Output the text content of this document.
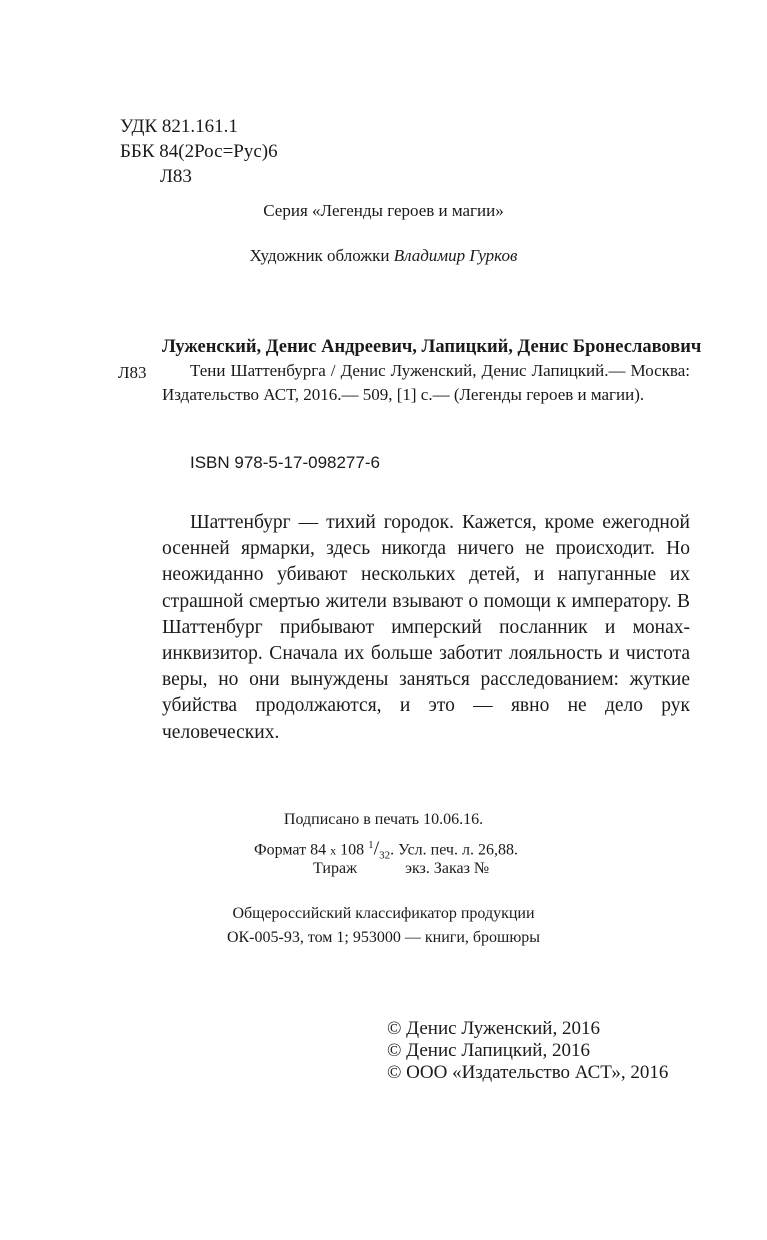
УДК 821.161.1
ББК 84(2Рос=Рус)6
Л83
Серия «Легенды героев и магии»
Художник обложки Владимир Гурков
Луженский, Денис Андреевич, Лапицкий, Денис Бронеславович
Л83	Тени Шаттенбурга / Денис Луженский, Денис Лапицкий.— Москва: Издательство АСТ, 2016.— 509, [1] с.— (Легенды героев и магии).
ISBN 978-5-17-098277-6
Шаттенбург — тихий городок. Кажется, кроме ежегодной осенней ярмарки, здесь никогда ничего не происходит. Но неожиданно убивают нескольких детей, и напуганные их страшной смертью жители взывают о помощи к императору. В Шаттенбург прибывают имперский посланник и монах-инквизитор. Сначала их больше заботит лояльность и чистота веры, но они вынуждены заняться расследованием: жуткие убийства продолжаются, и это — явно не дело рук человеческих.
Подписано в печать 10.06.16.
Формат 84 x 108 $^1/_{32}$. Усл. печ. л. 26,88.
Тираж	экз. Заказ №
Общероссийский классификатор продукции
ОК-005-93, том 1; 953000 — книги, брошюры
© Денис Луженский, 2016
© Денис Лапицкий, 2016
© ООО «Издательство АСТ», 2016
